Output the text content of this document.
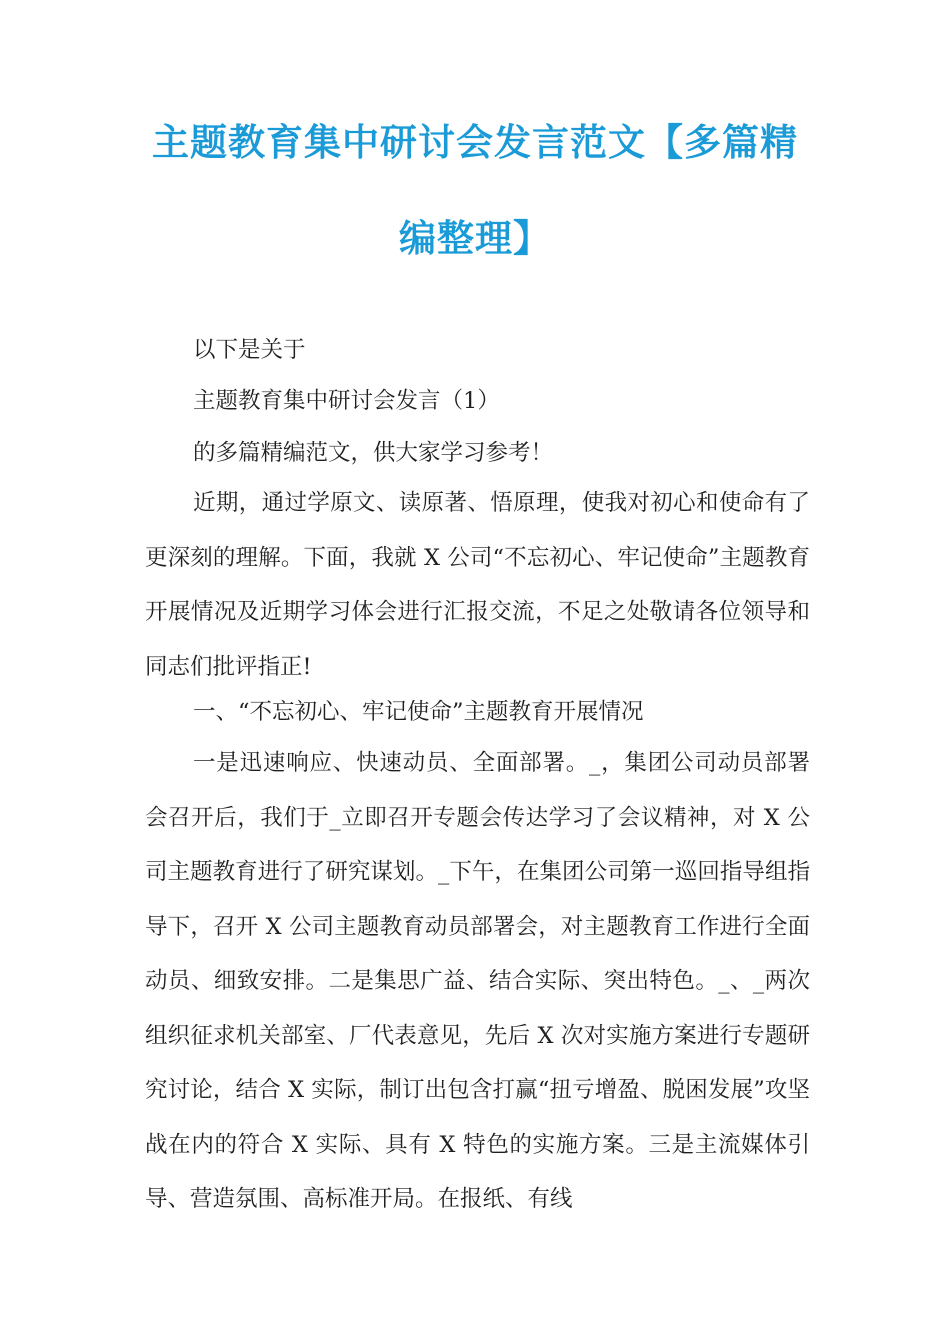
主题教育集中研讨会发言范文【多篇精
编整理】
以下是关于
主题教育集中研讨会发言（1）
的多篇精编范文，供大家学习参考！

近期，通过学原文、读原著、悟原理，使我对初心和使命有了更深刻的理解。下面，我就 X 公司“不忘初心、牢记使命”主题教育开展情况及近期学习体会进行汇报交流，不足之处敬请各位领导和同志们批评指正!

一、“不忘初心、牢记使命”主题教育开展情况

一是迅速响应、快速动员、全面部署。_，集团公司动员部署会召开后，我们于_立即召开专题会传达学习了会议精神，对 X 公司主题教育进行了研究谋划。_下午，在集团公司第一巡回指导组指导下，召开 X 公司主题教育动员部署会，对主题教育工作进行全面动员、细致安排。二是集思广益、结合实际、突出特色。_、_两次组织征求机关部室、厂代表意见，先后 X 次对实施方案进行专题研究讨论，结合 X 实际，制订出包含打赢“扭亏增盈、脱困发展”攻坚战在内的符合 X 实际、具有 X 特色的实施方案。三是主流媒体引导、营造氛围、高标准开局。在报纸、有线
